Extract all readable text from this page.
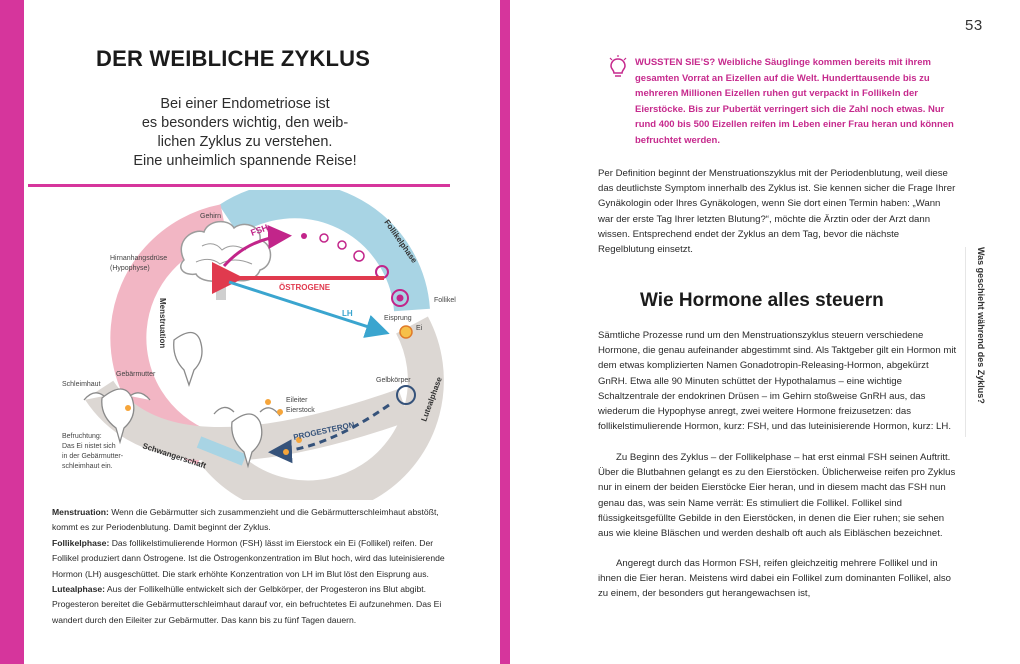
DER WEIBLICHE ZYKLUS
Bei einer Endometriose ist
es besonders wichtig, den weib-
lichen Zyklus zu verstehen.
Eine unheimlich spannende Reise!
Gehirn
Hirnanhangsdrüse
(Hypophyse)
FSH
ÖSTROGENE
LH
PROGESTERON
Follikelphase
Lutealphase
Menstruation
Schwangerschaft
Follikel
Eisprung
Ei
Gelbkörper
Eileiter
Eierstock
Gebärmutter
Schleimhaut
Befruchtung:
Das Ei nistet sich
in der Gebärmutter-
schleimhaut ein.

Menstruation: Wenn die Gebärmutter sich zusammenzieht und die Gebärmutterschleimhaut abstößt, kommt es zur Periodenblutung. Damit beginnt der Zyklus.

Follikelphase: Das follikelstimulierende Hormon (FSH) lässt im Eierstock ein Ei (Follikel) reifen. Der Follikel produziert dann Östrogene. Ist die Östrogenkonzentration im Blut hoch, wird das luteinisierende Hormon (LH) ausgeschüttet. Die stark erhöhte Konzentration von LH im Blut löst den Eisprung aus.

Lutealphase: Aus der Follikelhülle entwickelt sich der Gelbkörper, der Progesteron ins Blut abgibt. Progesteron bereitet die Gebärmutterschleimhaut darauf vor, ein befruchtetes Ei aufzunehmen. Das Ei wandert durch den Eileiter zur Gebärmutter. Das kann bis zu fünf Tagen dauern.

53
WUSSTEN SIE’S? Weibliche Säuglinge kommen bereits mit ihrem gesamten Vorrat an Eizellen auf die Welt. Hunderttausende bis zu mehreren Millionen Eizellen ruhen gut verpackt in Follikeln der Eierstöcke. Bis zur Pubertät verringert sich die Zahl noch etwas. Nur rund 400 bis 500 Eizellen reifen im Leben einer Frau heran und können befruchtet werden.
Per Definition beginnt der Menstruationszyklus mit der Periodenblutung, weil diese das deutlichste Symptom innerhalb des Zyklus ist. Sie kennen sicher die Frage Ihrer Gynäkologin oder Ihres Gynäkologen, wenn Sie dort einen Termin haben: „Wann war der erste Tag Ihrer letzten Blutung?“, möchte die Ärztin oder der Arzt dann wissen. Entsprechend endet der Zyklus an dem Tag, bevor die nächste Regelblutung einsetzt.
Wie Hormone alles steuern
Sämtliche Prozesse rund um den Menstruationszyklus steuern verschiedene Hormone, die genau aufeinander abgestimmt sind. Als Taktgeber gilt ein Hormon mit dem etwas komplizierten Namen Gonadotropin-Releasing-Hormon, abgekürzt GnRH. Etwa alle 90 Minuten schüttet der Hypothalamus – eine wichtige Schaltzentrale der endokrinen Drüsen – im Gehirn stoßweise GnRH aus, das wiederum die Hypophyse anregt, zwei weitere Hormone freizusetzen: das follikelstimulierende Hormon, kurz: FSH, und das luteinisierende Hormon, kurz: LH.
Zu Beginn des Zyklus – der Follikelphase – hat erst einmal FSH seinen Auftritt. Über die Blutbahnen gelangt es zu den Eierstöcken. Üblicherweise reifen pro Zyklus nur in einem der beiden Eierstöcke Eier heran, und in diesem macht das FSH nun genau das, was sein Name verrät: Es stimuliert die Follikel. Follikel sind flüssigkeitsgefüllte Gebilde in den Eierstöcken, in denen die Eier ruhen; sie sehen aus wie kleine Bläschen und werden deshalb oft auch als Eibläschen bezeichnet.
Angeregt durch das Hormon FSH, reifen gleichzeitig mehrere Follikel und in ihnen die Eier heran. Meistens wird dabei ein Follikel zum dominanten Follikel, also zu einem, der besonders gut herangewachsen ist,
Was geschieht während des Zyklus?
